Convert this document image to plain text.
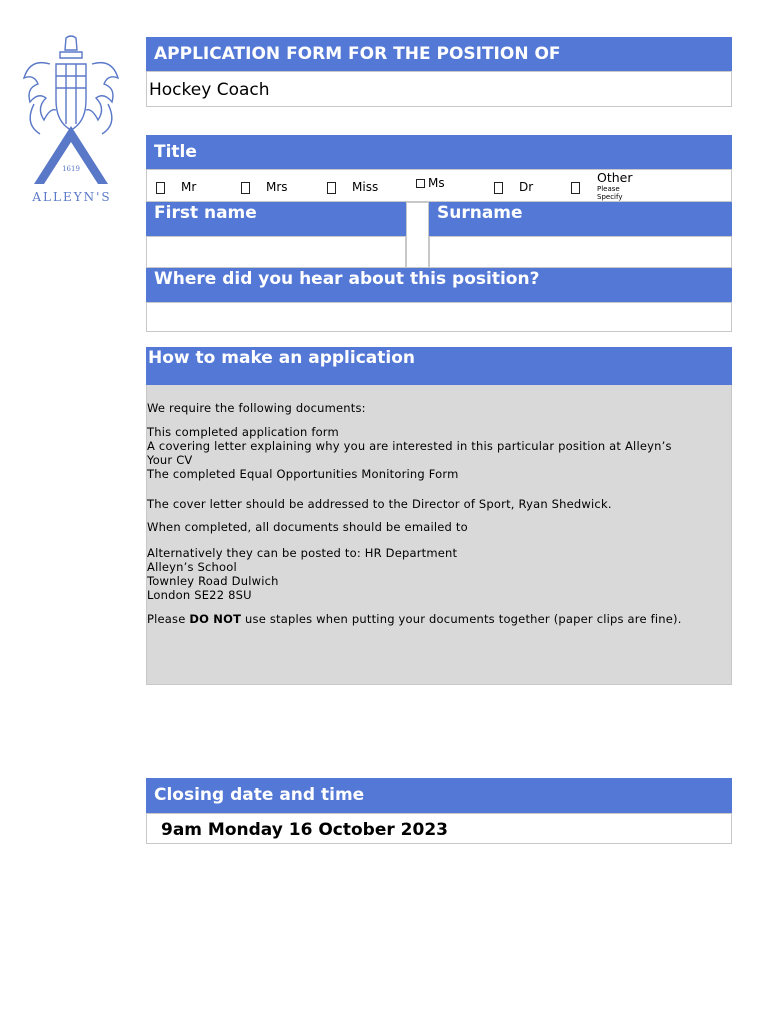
1619
ALLEYN'S
APPLICATION FORM FOR THE POSITION OF
Hockey Coach
Title
Mr	Mrs	Miss	Ms	Dr
Other
Please
Specify
First name	Surname
Where did you hear about this position?
How to make an application
We require the following documents:
This completed application form
A covering letter explaining why you are interested in this particular position at Alleyn’s
Your CV
The completed Equal Opportunities Monitoring Form
The cover letter should be addressed to the Director of Sport, Ryan Shedwick.
When completed, all documents should be emailed to
Alternatively they can be posted to: HR Department
Alleyn’s School
Townley Road Dulwich
London SE22 8SU
Please DO NOT use staples when putting your documents together (paper clips are fine).
Closing date and time
9am Monday 16 October 2023
